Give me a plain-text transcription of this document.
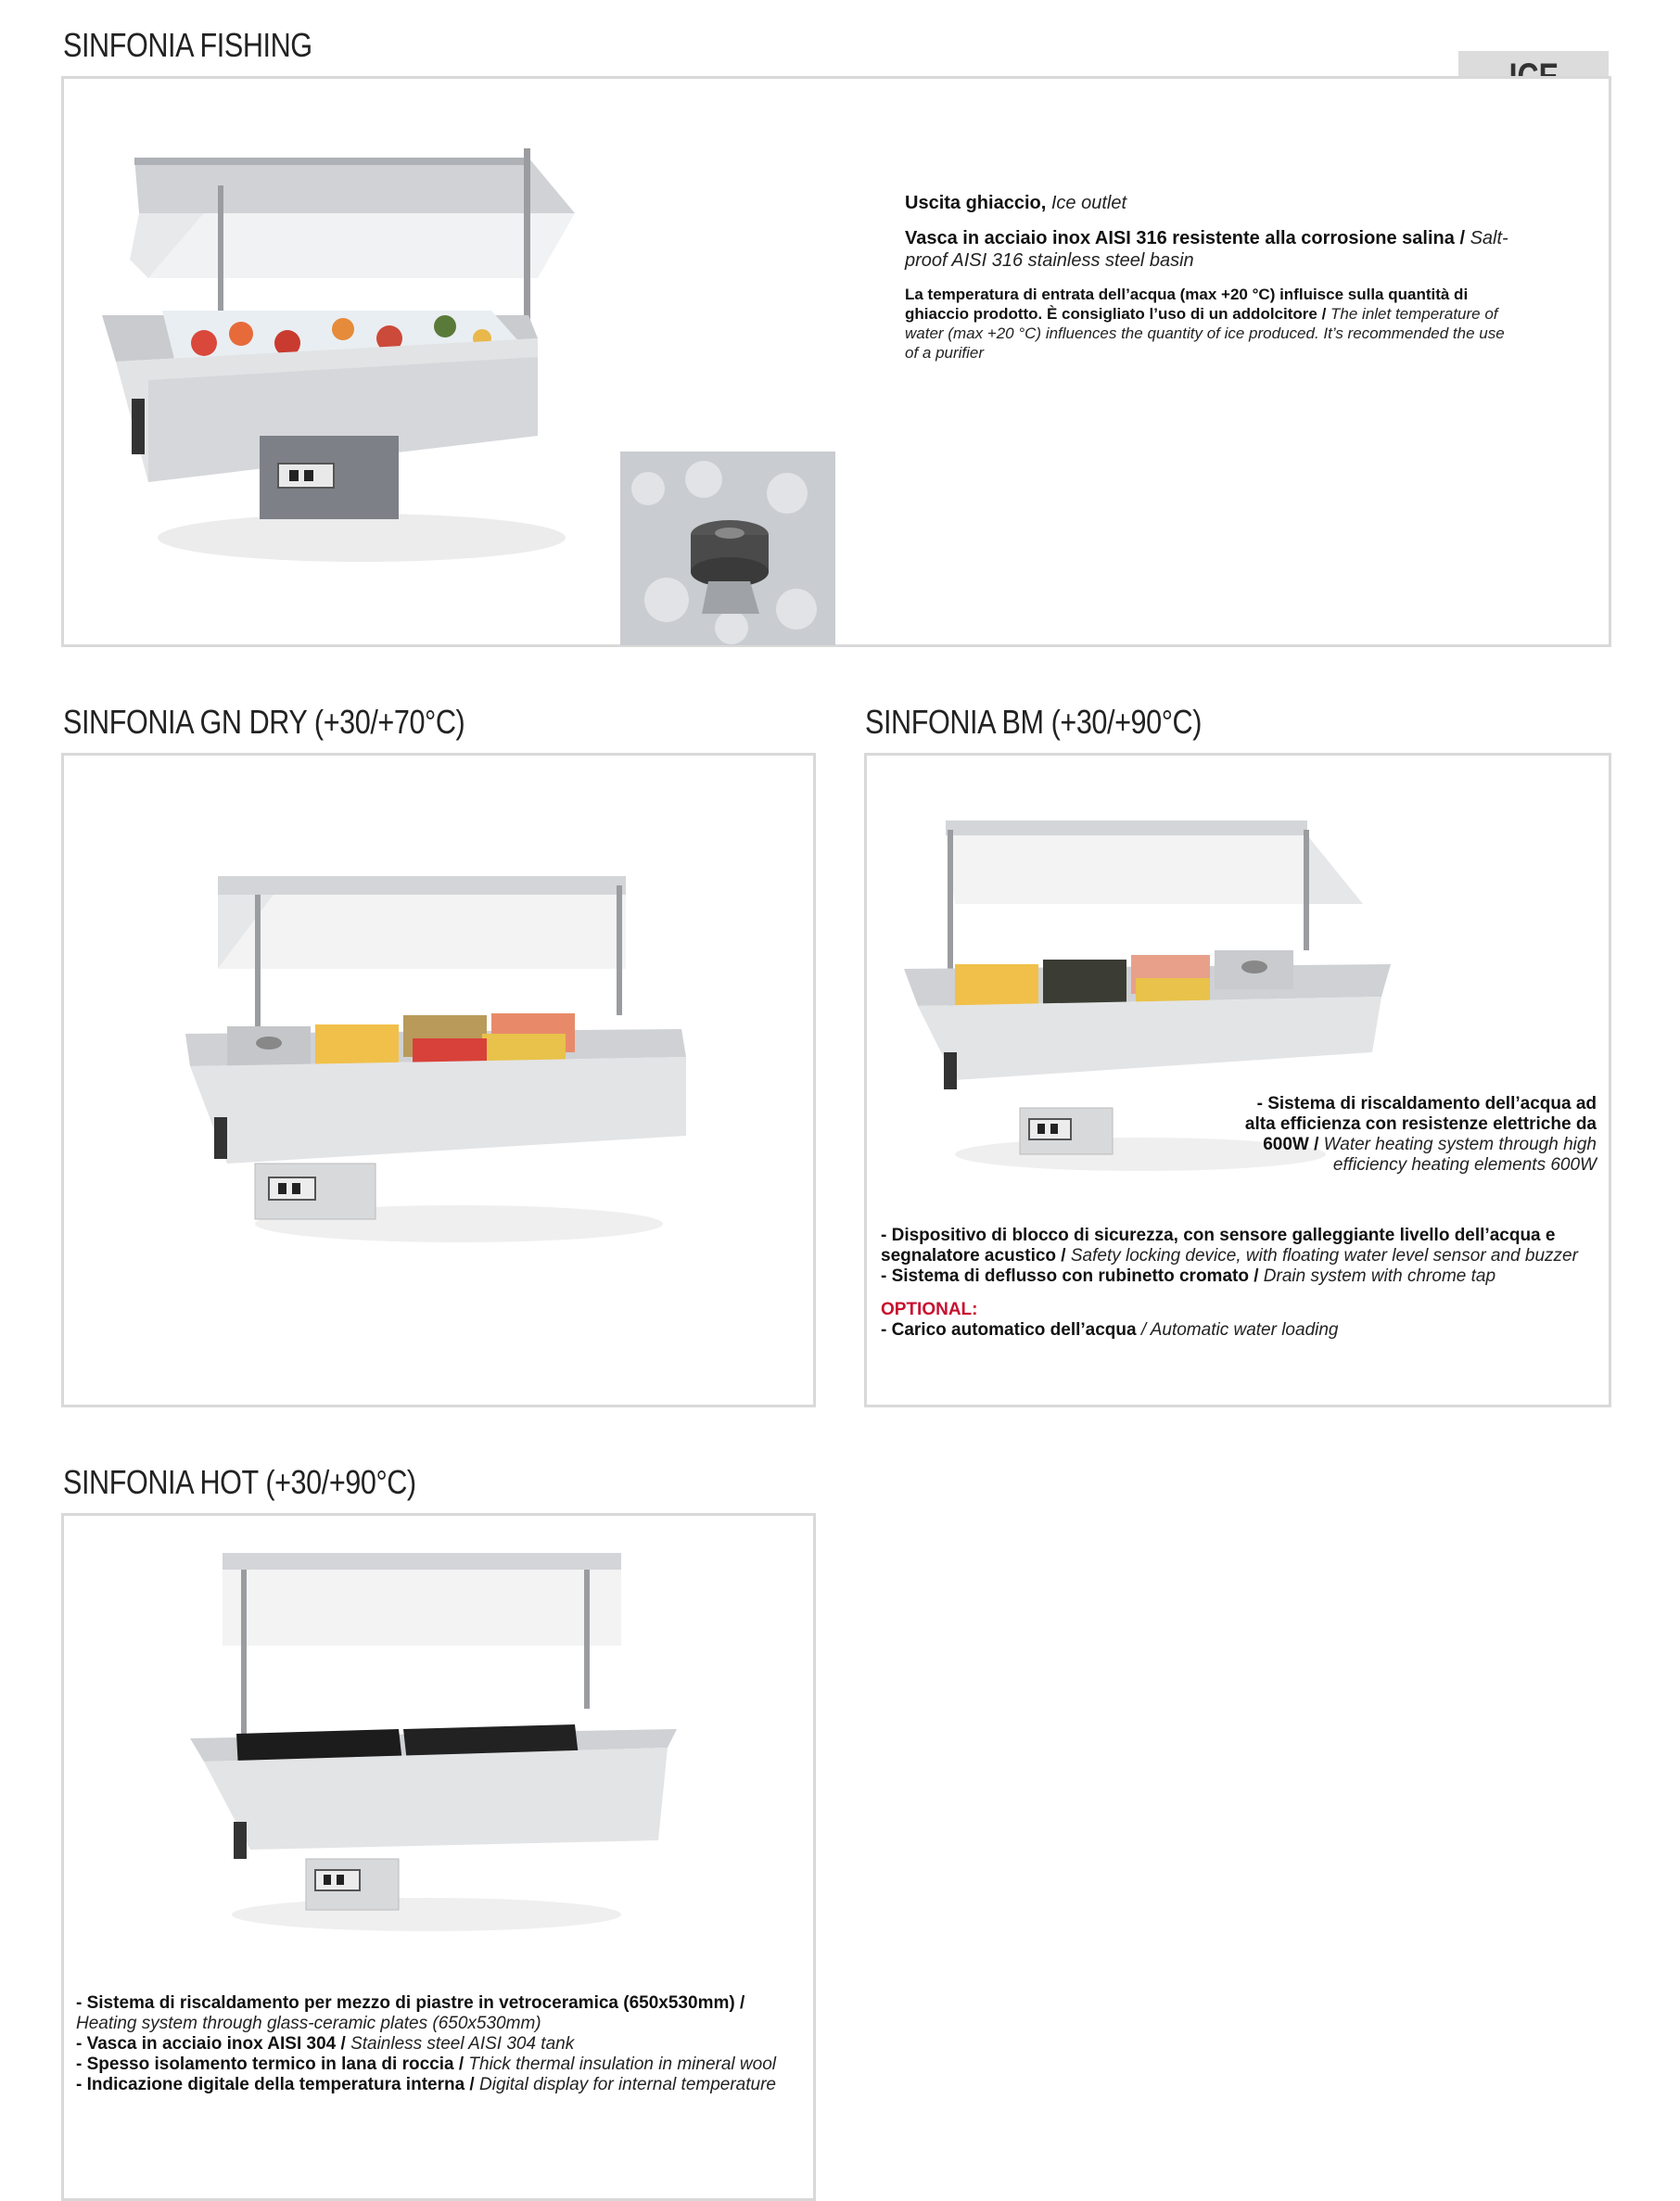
SINFONIA FISHING
Uscita ghiaccio, Ice outlet
Vasca in acciaio inox AISI 316 resistente alla corrosione salina / Salt-proof AISI 316 stainless steel basin
La temperatura di entrata dell’acqua (max +20 °C) influisce sulla quantità di ghiaccio prodotto. È consigliato l’uso di un addolcitore / The inlet temperature of water (max +20 °C) influences the quantity of ice produced. It’s recommended the use of a purifier
SINFONIA GN DRY (+30/+70°C)	SINFONIA BM (+30/+90°C)
- Sistema di riscaldamento dell’acqua ad alta efficienza con resistenze elettriche da 600W / Water heating system through high efficiency heating elements 600W
- Dispositivo di blocco di sicurezza, con sensore galleggiante livello dell’acqua e segnalatore acustico / Safety locking device, with floating water level sensor and buzzer
- Sistema di deflusso con rubinetto cromato / Drain system with chrome tap
OPTIONAL:
- Carico automatico dell’acqua / Automatic water loading
SINFONIA HOT (+30/+90°C)
- Sistema di riscaldamento per mezzo di piastre in vetroceramica (650x530mm) / Heating system through glass-ceramic plates (650x530mm)
- Vasca in acciaio inox AISI 304 / Stainless steel AISI 304 tank
- Spesso isolamento termico in lana di roccia / Thick thermal insulation in mineral wool
- Indicazione digitale della temperatura interna / Digital display for internal temperature
